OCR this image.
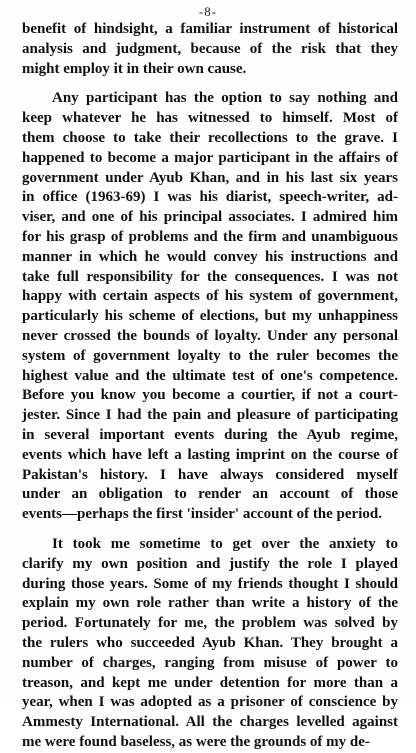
-8-
benefit of hindsight, a familiar instrument of historical
analysis and judgment, because of the risk that they
might employ it in their own cause.
Any participant has the option to say nothing and
keep whatever he has witnessed to himself. Most of
them choose to take their recollections to the grave. I
happened to become a major participant in the affairs of
government under Ayub Khan, and in his last six years
in office (1963-69) I was his diarist, speech-writer, ad-
viser, and one of his principal associates. I admired him
for his grasp of problems and the firm and unambiguous
manner in which he would convey his instructions and
take full responsibility for the consequences. I was not
happy with certain aspects of his system of government,
particularly his scheme of elections, but my unhappiness
never crossed the bounds of loyalty. Under any personal
system of government loyalty to the ruler becomes the
highest value and the ultimate test of one's competence.
Before you know you become a courtier, if not a court-
jester. Since I had the pain and pleasure of participating
in several important events during the Ayub regime,
events which have left a lasting imprint on the course of
Pakistan's history. I have always considered myself
under an obligation to render an account of those
events—perhaps the first 'insider' account of the period.
It took me sometime to get over the anxiety to
clarify my own position and justify the role I played
during those years. Some of my friends thought I should
explain my own role rather than write a history of the
period. Fortunately for me, the problem was solved by
the rulers who succeeded Ayub Khan. They brought a
number of charges, ranging from misuse of power to
treason, and kept me under detention for more than a
year, when I was adopted as a prisoner of conscience by
Ammesty International. All the charges levelled against
me were found baseless, as were the grounds of my de-
